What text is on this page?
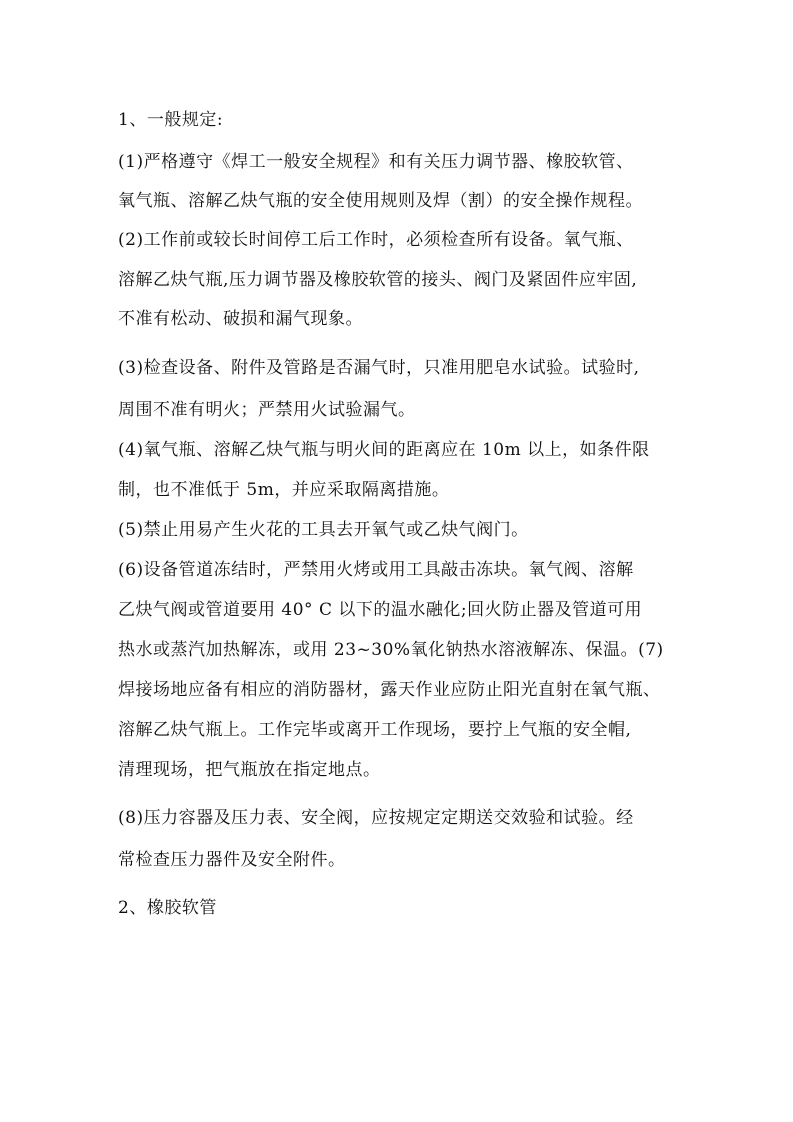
1、一般规定:
(1)严格遵守《焊工一般安全规程》和有关压力调节器、橡胶软管、
氧气瓶、溶解乙炔气瓶的安全使用规则及焊（割）的安全操作规程。
(2)工作前或较长时间停工后工作时，必须检查所有设备。氧气瓶、
溶解乙炔气瓶,压力调节器及橡胶软管的接头、阀门及紧固件应牢固,
不准有松动、破损和漏气现象。
(3)检查设备、附件及管路是否漏气时，只准用肥皂水试验。试验时,
周围不准有明火；严禁用火试验漏气。
(4)氧气瓶、溶解乙炔气瓶与明火间的距离应在 10m 以上，如条件限
制，也不准低于 5m，并应采取隔离措施。
(5)禁止用易产生火花的工具去开氧气或乙炔气阀门。
(6)设备管道冻结时，严禁用火烤或用工具敲击冻块。氧气阀、溶解
乙炔气阀或管道要用 40° C 以下的温水融化;回火防止器及管道可用
热水或蒸汽加热解冻，或用 23~30%氧化钠热水溶液解冻、保温。(7)
焊接场地应备有相应的消防器材，露天作业应防止阳光直射在氧气瓶、
溶解乙炔气瓶上。工作完毕或离开工作现场，要拧上气瓶的安全帽,
清理现场，把气瓶放在指定地点。
(8)压力容器及压力表、安全阀，应按规定定期送交效验和试验。经
常检查压力器件及安全附件。
2、橡胶软管
